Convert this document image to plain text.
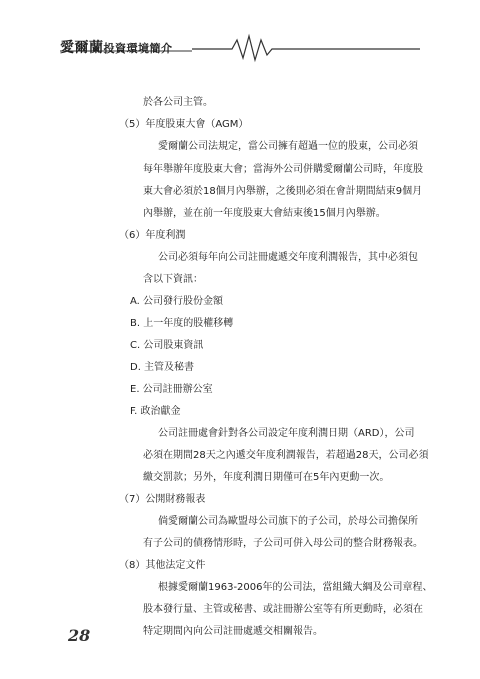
愛爾蘭投資環境簡介
於各公司主管。
（5）年度股東大會（AGM）
愛爾蘭公司法規定，當公司擁有超過一位的股東，公司必須
每年舉辦年度股東大會；當海外公司併購愛爾蘭公司時，年度股
東大會必須於18個月內舉辦，之後則必須在會計期間結束9個月
內舉辦，並在前一年度股東大會結束後15個月內舉辦。
（6）年度利潤
公司必須每年向公司註冊處遞交年度利潤報告，其中必須包
含以下資訊：
A. 公司發行股份金額
B. 上一年度的股權移轉
C. 公司股東資訊
D. 主管及秘書
E. 公司註冊辦公室
F. 政治獻金
公司註冊處會針對各公司設定年度利潤日期（ARD），公司
必須在期間28天之內遞交年度利潤報告，若超過28天，公司必須
繳交罰款；另外，年度利潤日期僅可在5年內更動一次。
（7）公開財務報表
倘愛爾蘭公司為歐盟母公司旗下的子公司，於母公司擔保所
有子公司的債務情形時，子公司可併入母公司的整合財務報表。
（8）其他法定文件
根據愛爾蘭1963-2006年的公司法，當組織大綱及公司章程、
股本發行量、主管或秘書、或註冊辦公室等有所更動時，必須在
特定期間內向公司註冊處遞交相關報告。
28
